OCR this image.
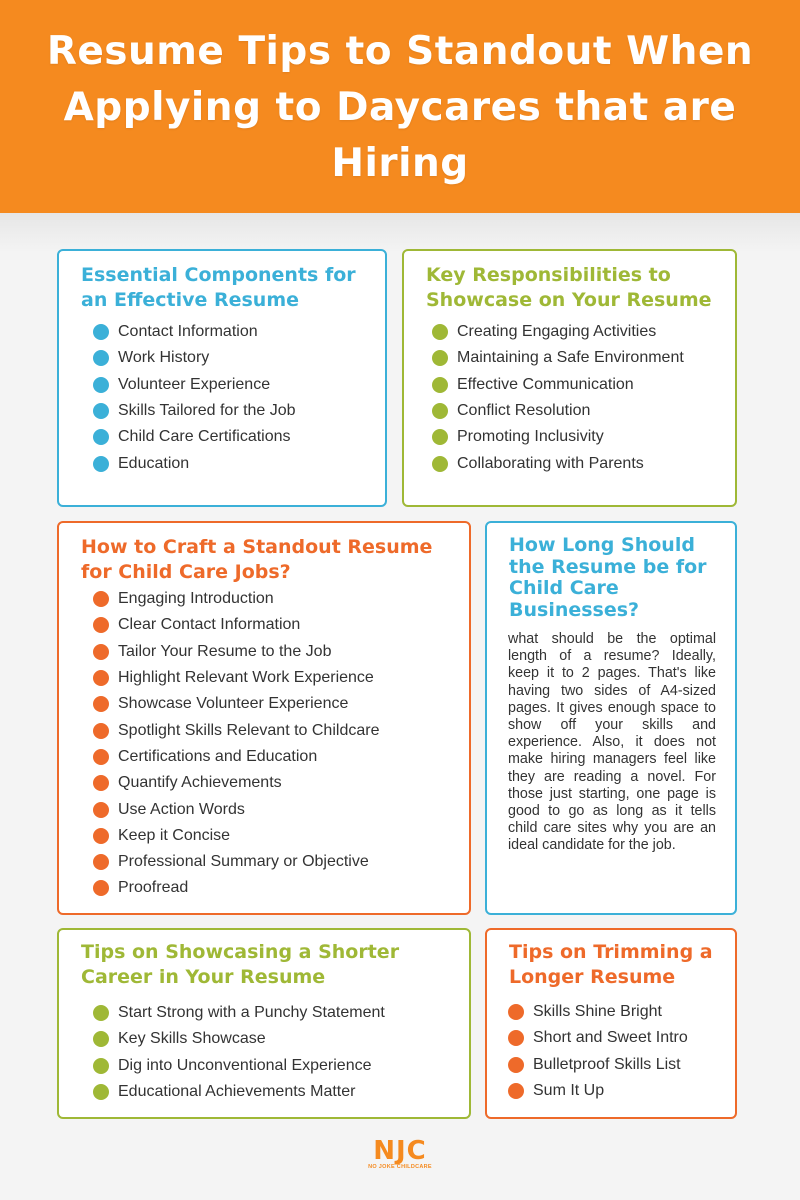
Resume Tips to Standout When Applying to Daycares that are Hiring
Essential Components for an Effective Resume
Contact Information
Work History
Volunteer Experience
Skills Tailored for the Job
Child Care Certifications
Education
Key Responsibilities to Showcase on Your Resume
Creating Engaging Activities
Maintaining a Safe Environment
Effective Communication
Conflict Resolution
Promoting Inclusivity
Collaborating with Parents
How to Craft a Standout Resume for Child Care Jobs?
Engaging Introduction
Clear Contact Information
Tailor Your Resume to the Job
Highlight Relevant Work Experience
Showcase Volunteer Experience
Spotlight Skills Relevant to Childcare
Certifications and Education
Quantify Achievements
Use Action Words
Keep it Concise
Professional Summary or Objective
Proofread
How Long Should the Resume be for Child Care Businesses?

what should be the optimal length of a resume? Ideally, keep it to 2 pages. That's like having two sides of A4-sized pages. It gives enough space to show off your skills and experience. Also, it does not make hiring managers feel like they are reading a novel. For those just starting, one page is good to go as long as it tells child care sites why you are an ideal candidate for the job.

Tips on Showcasing a Shorter Career in Your Resume
Start Strong with a Punchy Statement
Key Skills Showcase
Dig into Unconventional Experience
Educational Achievements Matter
Tips on Trimming a Longer Resume
Skills Shine Bright
Short and Sweet Intro
Bulletproof Skills List
Sum It Up
NJC
NO JOKE CHILDCARE
